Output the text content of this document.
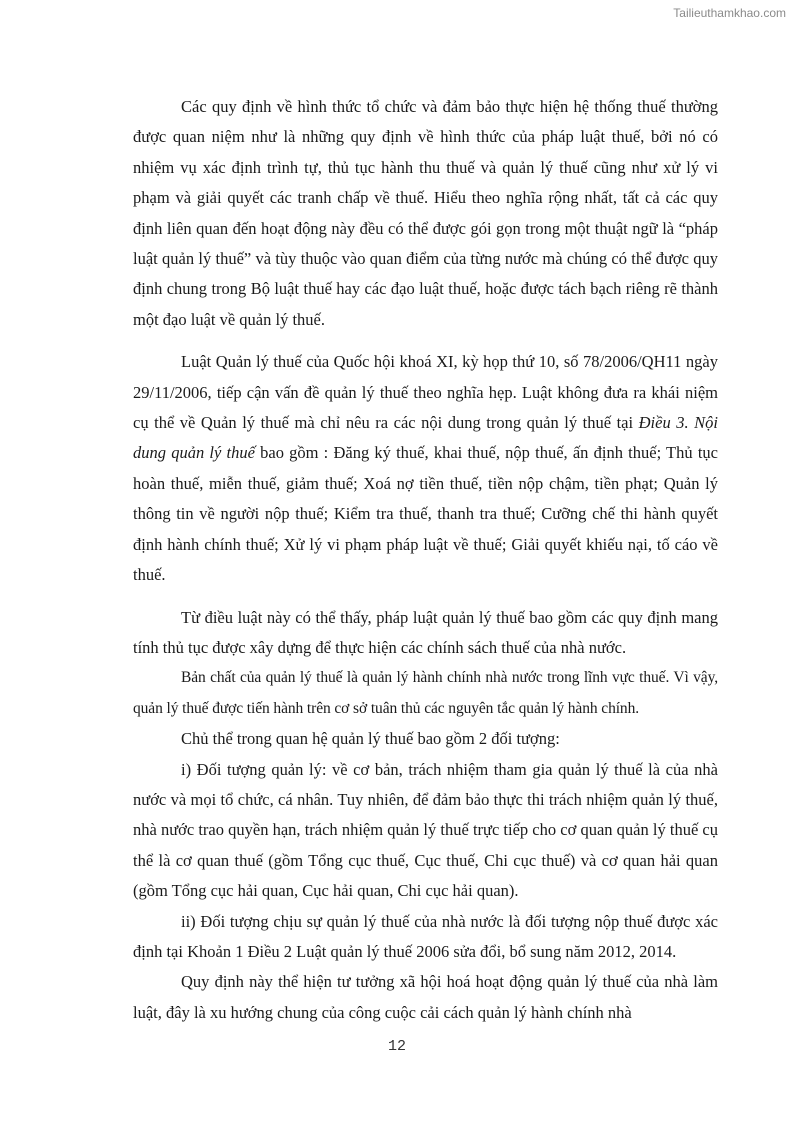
Tailieuthamkhao.com

Các quy định về hình thức tổ chức và đảm bảo thực hiện hệ thống thuế thường được quan niệm như là những quy định về hình thức của pháp luật thuế, bởi nó có nhiệm vụ xác định trình tự, thủ tục hành thu thuế và quản lý thuế cũng như xử lý vi phạm và giải quyết các tranh chấp về thuế. Hiểu theo nghĩa rộng nhất, tất cả các quy định liên quan đến hoạt động này đều có thể được gói gọn trong một thuật ngữ là “pháp luật quản lý thuế” và tùy thuộc vào quan điểm của từng nước mà chúng có thể được quy định chung trong Bộ luật thuế hay các đạo luật thuế, hoặc được tách bạch riêng rẽ thành một đạo luật về quản lý thuế.

Luật Quản lý thuế của Quốc hội khoá XI, kỳ họp thứ 10, số 78/2006/QH11 ngày 29/11/2006, tiếp cận vấn đề quản lý thuế theo nghĩa hẹp. Luật không đưa ra khái niệm cụ thể về Quản lý thuế mà chỉ nêu ra các nội dung trong quản lý thuế tại Điều 3. Nội dung quản lý thuế bao gồm : Đăng ký thuế, khai thuế, nộp thuế, ấn định thuế; Thủ tục hoàn thuế, miễn thuế, giảm thuế; Xoá nợ tiền thuế, tiền nộp chậm, tiền phạt; Quản lý thông tin về người nộp thuế; Kiểm tra thuế, thanh tra thuế; Cưỡng chế thi hành quyết định hành chính thuế; Xử lý vi phạm pháp luật về thuế; Giải quyết khiếu nại, tố cáo về thuế.

Từ điều luật này có thể thấy, pháp luật quản lý thuế bao gồm các quy định mang tính thủ tục được xây dựng để thực hiện các chính sách thuế của nhà nước.

Bản chất của quản lý thuế là quản lý hành chính nhà nước trong lĩnh vực thuế. Vì vậy, quản lý thuế được tiến hành trên cơ sở tuân thủ các nguyên tắc quản lý hành chính.

Chủ thể trong quan hệ quản lý thuế bao gồm 2 đối tượng:

i) Đối tượng quản lý: về cơ bản, trách nhiệm tham gia quản lý thuế là của nhà nước và mọi tổ chức, cá nhân. Tuy nhiên, để đảm bảo thực thi trách nhiệm quản lý thuế, nhà nước trao quyền hạn, trách nhiệm quản lý thuế trực tiếp cho cơ quan quản lý thuế cụ thể là cơ quan thuế (gồm Tổng cục thuế, Cục thuế, Chi cục thuế) và cơ quan hải quan (gồm Tổng cục hải quan, Cục hải quan, Chi cục hải quan).

ii) Đối tượng chịu sự quản lý thuế của nhà nước là đối tượng nộp thuế được xác định tại Khoản 1 Điều 2 Luật quản lý thuế 2006 sửa đổi, bổ sung năm 2012, 2014.

Quy định này thể hiện tư tưởng xã hội hoá hoạt động quản lý thuế của nhà làm luật, đây là xu hướng chung của công cuộc cải cách quản lý hành chính nhà

12
